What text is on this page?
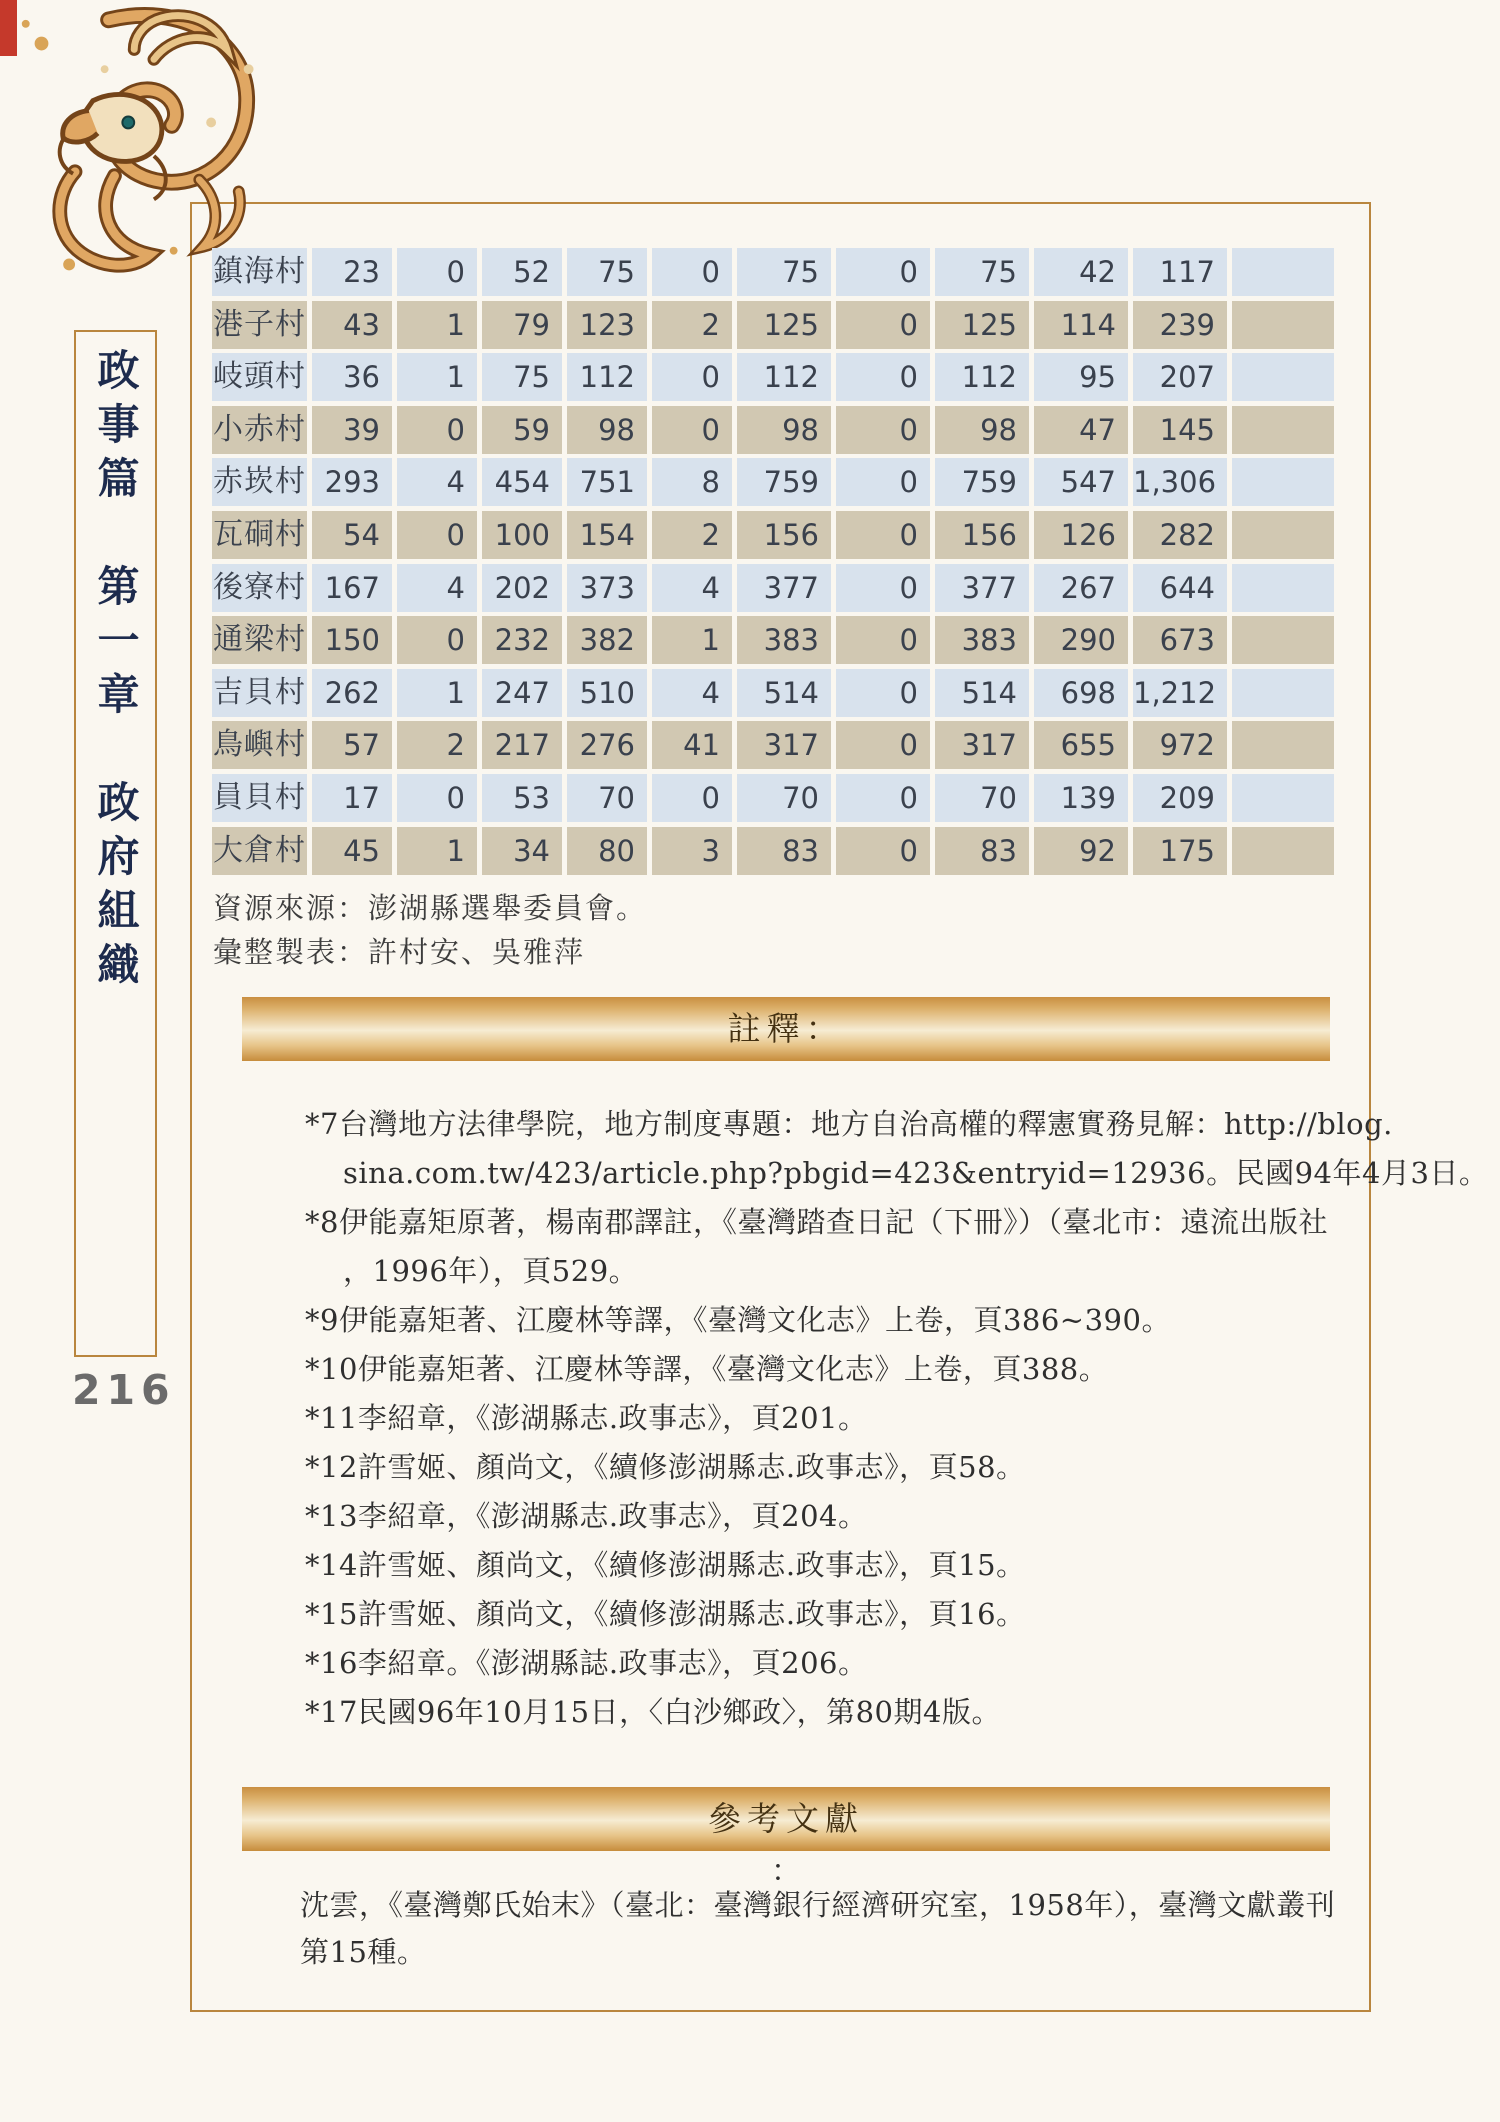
政事篇　第一章　政府組織
216
鎮海村	23	0	52	75	0	75	0	75	42	117
港子村	43	1	79	123	2	125	0	125	114	239
岐頭村	36	1	75	112	0	112	0	112	95	207
小赤村	39	0	59	98	0	98	0	98	47	145
赤崁村 293	4	454	751	8	759	0	759	547 1,306
瓦硐村	54	0	100	154	2	156	0	156	126	282
後寮村 167	4	202	373	4	377	0	377	267	644
通梁村 150	0	232	382	1	383	0	383	290	673
吉貝村 262	1	247	510	4	514	0	514	698 1,212
鳥嶼村	57	2	217	276	41	317	0	317	655	972
員貝村	17	0	53	70	0	70	0	70	139	209
大倉村	45	1	34	80	3	83	0	83	92	175
資源來源：澎湖縣選舉委員會。
彙整製表：許村安、吳雅萍
註釋：
*7台灣地方法律學院，地方制度專題：地方自治高權的釋憲實務見解：http://blog.
sina.com.tw/423/article.php?pbgid=423&entryid=12936。民國94年4月3日。
*8伊能嘉矩原著，楊南郡譯註，《臺灣踏查日記（下冊》）（臺北市：遠流出版社
，1996年），頁529。
*9伊能嘉矩著、江慶林等譯，《臺灣文化志》上卷，頁386~390。
*10伊能嘉矩著、江慶林等譯，《臺灣文化志》上卷，頁388。
*11李紹章，《澎湖縣志.政事志》，頁201。
*12許雪姬、顏尚文，《續修澎湖縣志.政事志》，頁58。
*13李紹章，《澎湖縣志.政事志》，頁204。
*14許雪姬、顏尚文，《續修澎湖縣志.政事志》，頁15。
*15許雪姬、顏尚文，《續修澎湖縣志.政事志》，頁16。
*16李紹章。《澎湖縣誌.政事志》，頁206。
*17民國96年10月15日，〈白沙鄉政〉，第80期4版。
參考文獻
：
沈雲，《臺灣鄭氏始末》（臺北：臺灣銀行經濟研究室，1958年），臺灣文獻叢刊
第15種。
